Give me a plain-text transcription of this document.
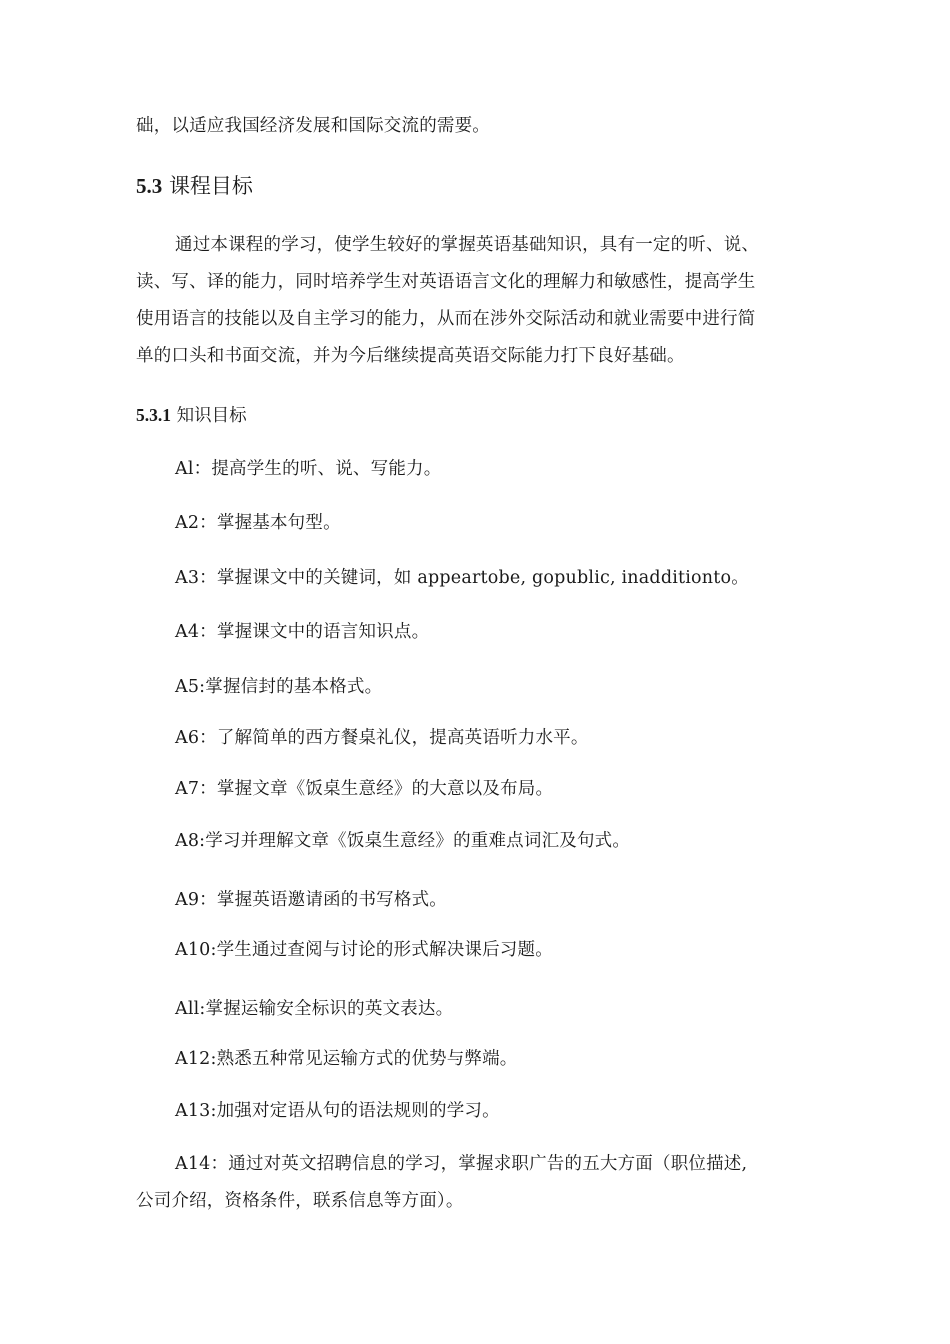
础，以适应我国经济发展和国际交流的需要。
5.3 课程目标
通过本课程的学习，使学生较好的掌握英语基础知识，具有一定的听、说、
读、写、译的能力，同时培养学生对英语语言文化的理解力和敏感性，提高学生
使用语言的技能以及自主学习的能力，从而在涉外交际活动和就业需要中进行简
单的口头和书面交流，并为今后继续提高英语交际能力打下良好基础。
5.3.1 知识目标
Al：提高学生的听、说、写能力。
A2：掌握基本句型。
A3：掌握课文中的关键词，如 appeartobe, gopublic, inadditionto。
A4：掌握课文中的语言知识点。
A5:掌握信封的基本格式。
A6：了解简单的西方餐桌礼仪，提高英语听力水平。
A7：掌握文章《饭桌生意经》的大意以及布局。
A8:学习并理解文章《饭桌生意经》的重难点词汇及句式。
A9：掌握英语邀请函的书写格式。
A10:学生通过查阅与讨论的形式解决课后习题。
All:掌握运输安全标识的英文表达。
A12:熟悉五种常见运输方式的优势与弊端。
A13:加强对定语从句的语法规则的学习。
A14：通过对英文招聘信息的学习，掌握求职广告的五大方面（职位描述,
公司介绍，资格条件，联系信息等方面）。
